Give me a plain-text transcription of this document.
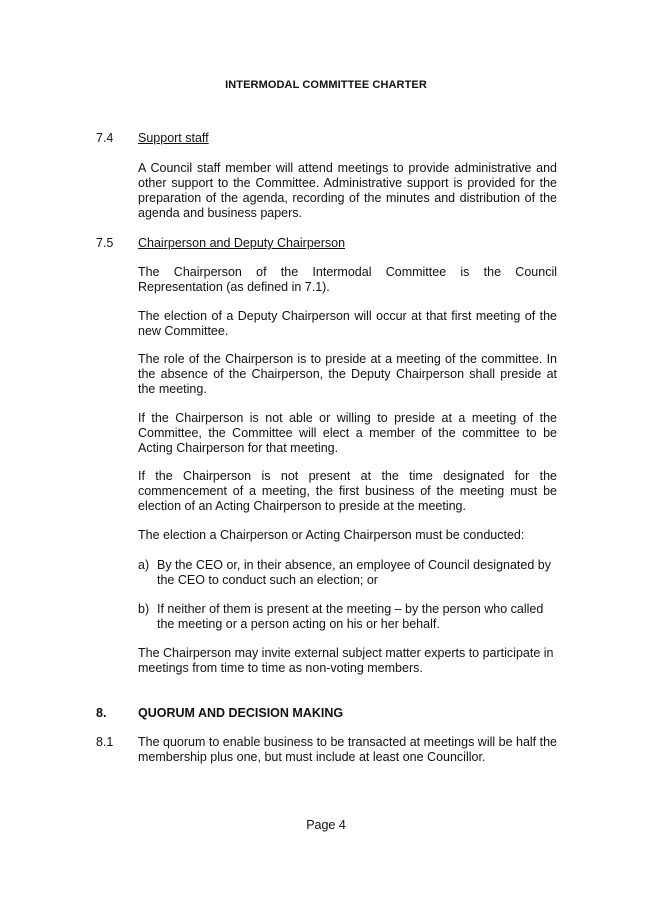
INTERMODAL COMMITTEE CHARTER
7.4 Support staff

A Council staff member will attend meetings to provide administrative and other support to the Committee. Administrative support is provided for the preparation of the agenda, recording of the minutes and distribution of the agenda and business papers.

7.5 Chairperson and Deputy Chairperson

The Chairperson of the Intermodal Committee is the Council Representation (as defined in 7.1).

The election of a Deputy Chairperson will occur at that first meeting of the new Committee.

The role of the Chairperson is to preside at a meeting of the committee. In the absence of the Chairperson, the Deputy Chairperson shall preside at the meeting.

If the Chairperson is not able or willing to preside at a meeting of the Committee, the Committee will elect a member of the committee to be Acting Chairperson for that meeting.

If the Chairperson is not present at the time designated for the commencement of a meeting, the first business of the meeting must be election of an Acting Chairperson to preside at the meeting.

The election a Chairperson or Acting Chairperson must be conducted:

a) By the CEO or, in their absence, an employee of Council designated by the CEO to conduct such an election; or
b) If neither of them is present at the meeting – by the person who called the meeting or a person acting on his or her behalf.

The Chairperson may invite external subject matter experts to participate in meetings from time to time as non-voting members.

8.	QUORUM AND DECISION MAKING
8.1 The quorum to enable business to be transacted at meetings will be half the membership plus one, but must include at least one Councillor.

Page 4
